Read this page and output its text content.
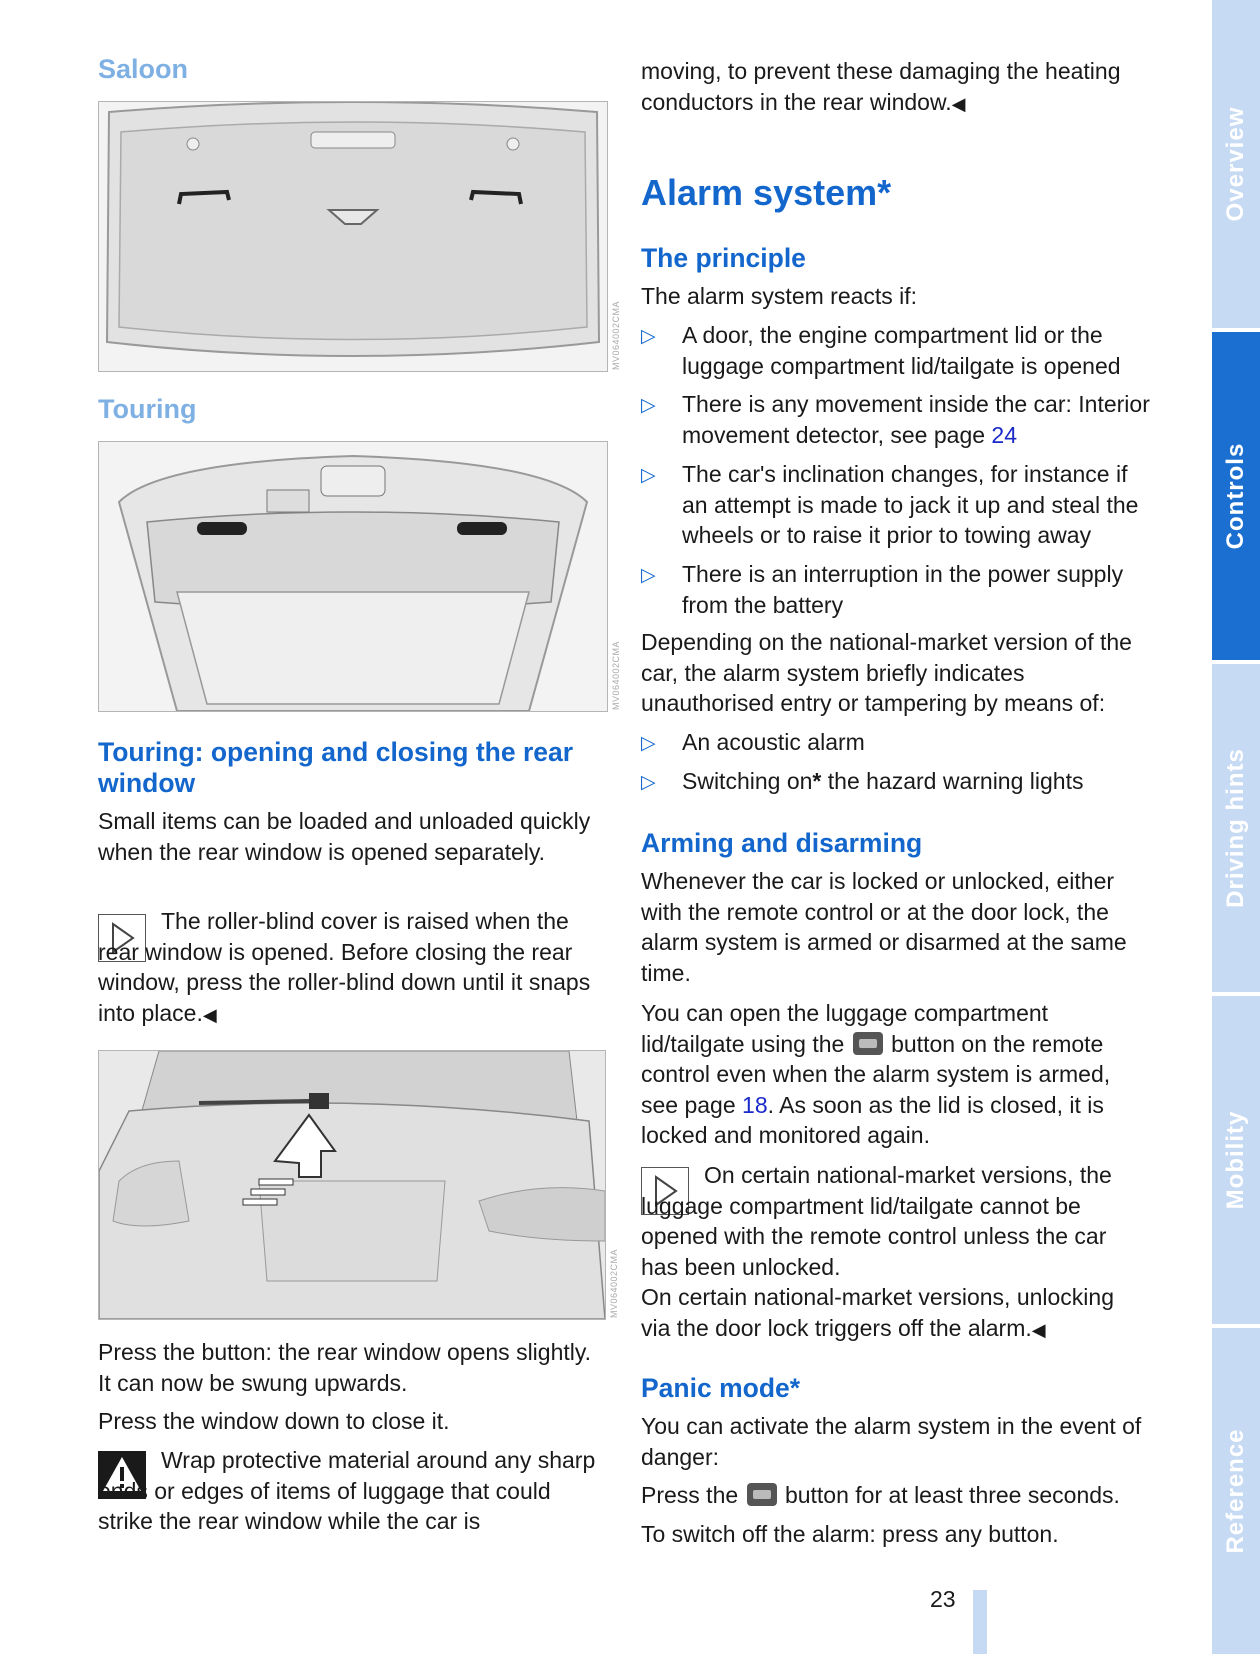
Saloon
MV064002CMA
Touring
MV064002CMA
Touring: opening and closing the rear window

Small items can be loaded and unloaded quickly when the rear window is opened separately.

The roller-blind cover is raised when the rear window is opened. Before closing the rear window, press the roller-blind down until it snaps into place.◀

MV064002CMA

Press the button: the rear window opens slightly. It can now be swung upwards.

Press the window down to close it.

Wrap protective material around any sharp ends or edges of items of luggage that could strike the rear window while the car is

moving, to prevent these damaging the heating conductors in the rear window.◀

Alarm system*
The principle

The alarm system reacts if:

▷ A door, the engine compartment lid or the luggage compartment lid/tailgate is opened
▷ There is any movement inside the car: Interior movement detector, see page 24
▷ The car's inclination changes, for instance if an attempt is made to jack it up and steal the wheels or to raise it prior to towing away
▷ There is an interruption in the power supply from the battery

Depending on the national-market version of the car, the alarm system briefly indicates unauthorised entry or tampering by means of:

▷ An acoustic alarm
▷ Switching on* the hazard warning lights
Arming and disarming

Whenever the car is locked or unlocked, either with the remote control or at the door lock, the alarm system is armed or disarmed at the same time.

You can open the luggage compartment lid/tailgate using the button on the remote control even when the alarm system is armed, see page 18. As soon as the lid is closed, it is locked and monitored again.

On certain national-market versions, the luggage compartment lid/tailgate cannot be opened with the remote control unless the car has been unlocked.

On certain national-market versions, unlocking via the door lock triggers off the alarm.◀

Panic mode*

You can activate the alarm system in the event of danger:

Press the button for at least three seconds.

To switch off the alarm: press any button.

23
Overview
Controls
Driving hints
Mobility
Reference
